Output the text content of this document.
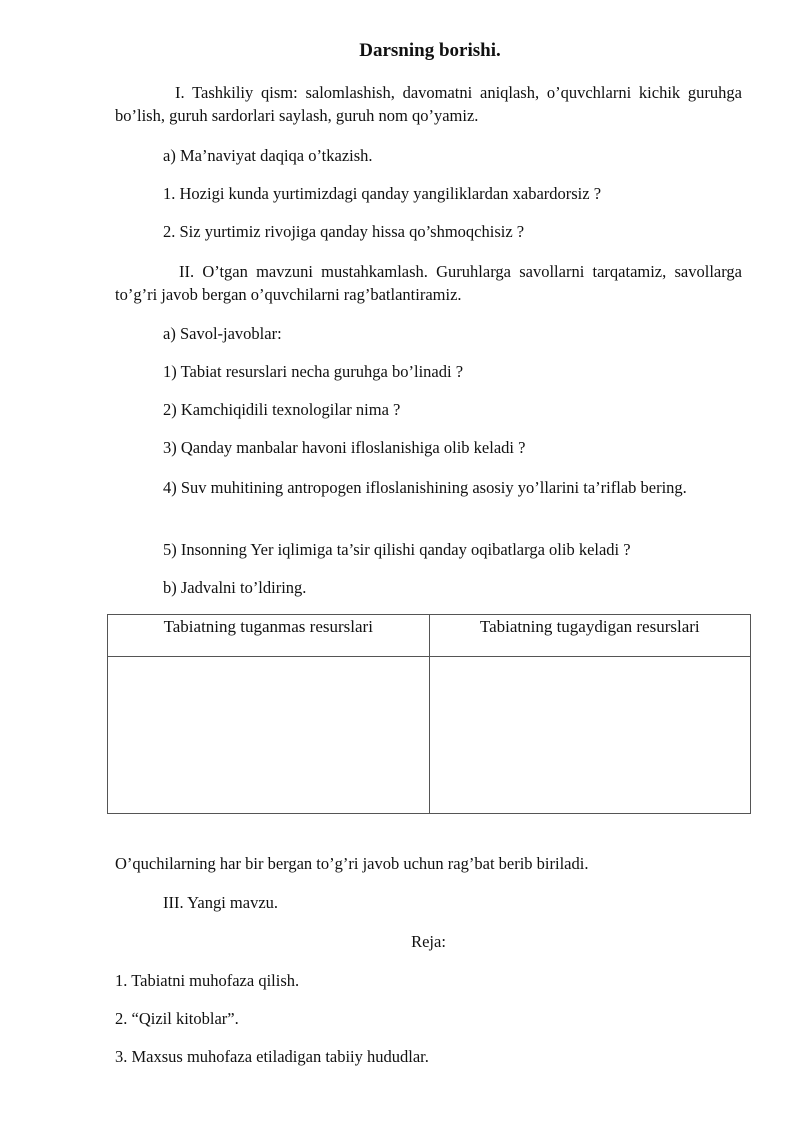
Darsning borishi.
I. Tashkiliy qism: salomlashish, davomatni aniqlash, o’quvchlarni kichik guruhga bo’lish, guruh sardorlari saylash, guruh nom qo’yamiz.
a) Ma’naviyat daqiqa o’tkazish.
1. Hozigi kunda yurtimizdagi qanday yangiliklardan xabardorsiz ?
2. Siz yurtimiz rivojiga qanday hissa qo’shmoqchisiz ?
II. O’tgan mavzuni mustahkamlash. Guruhlarga savollarni tarqatamiz, savollarga to’g’ri javob bergan o’quvchilarni rag’batlantiramiz.
a) Savol-javoblar:
1) Tabiat resurslari necha guruhga bo’linadi ?
2) Kamchiqidili texnologilar nima ?
3) Qanday manbalar havoni ifloslanishiga olib keladi ?
4) Suv muhitining antropogen ifloslanishining asosiy yo’llarini ta’riflab bering.
5) Insonning Yer iqlimiga ta’sir qilishi qanday oqibatlarga olib keladi ?
b) Jadvalni to’ldiring.
Tabiatning tuganmas resurslari	Tabiatning tugaydigan resurslari

O’quchilarning har bir bergan to’g’ri javob uchun rag’bat berib biriladi.
III. Yangi mavzu.
Reja:
1. Tabiatni muhofaza qilish.
2. “Qizil kitoblar”.
3. Maxsus muhofaza etiladigan tabiiy hududlar.
